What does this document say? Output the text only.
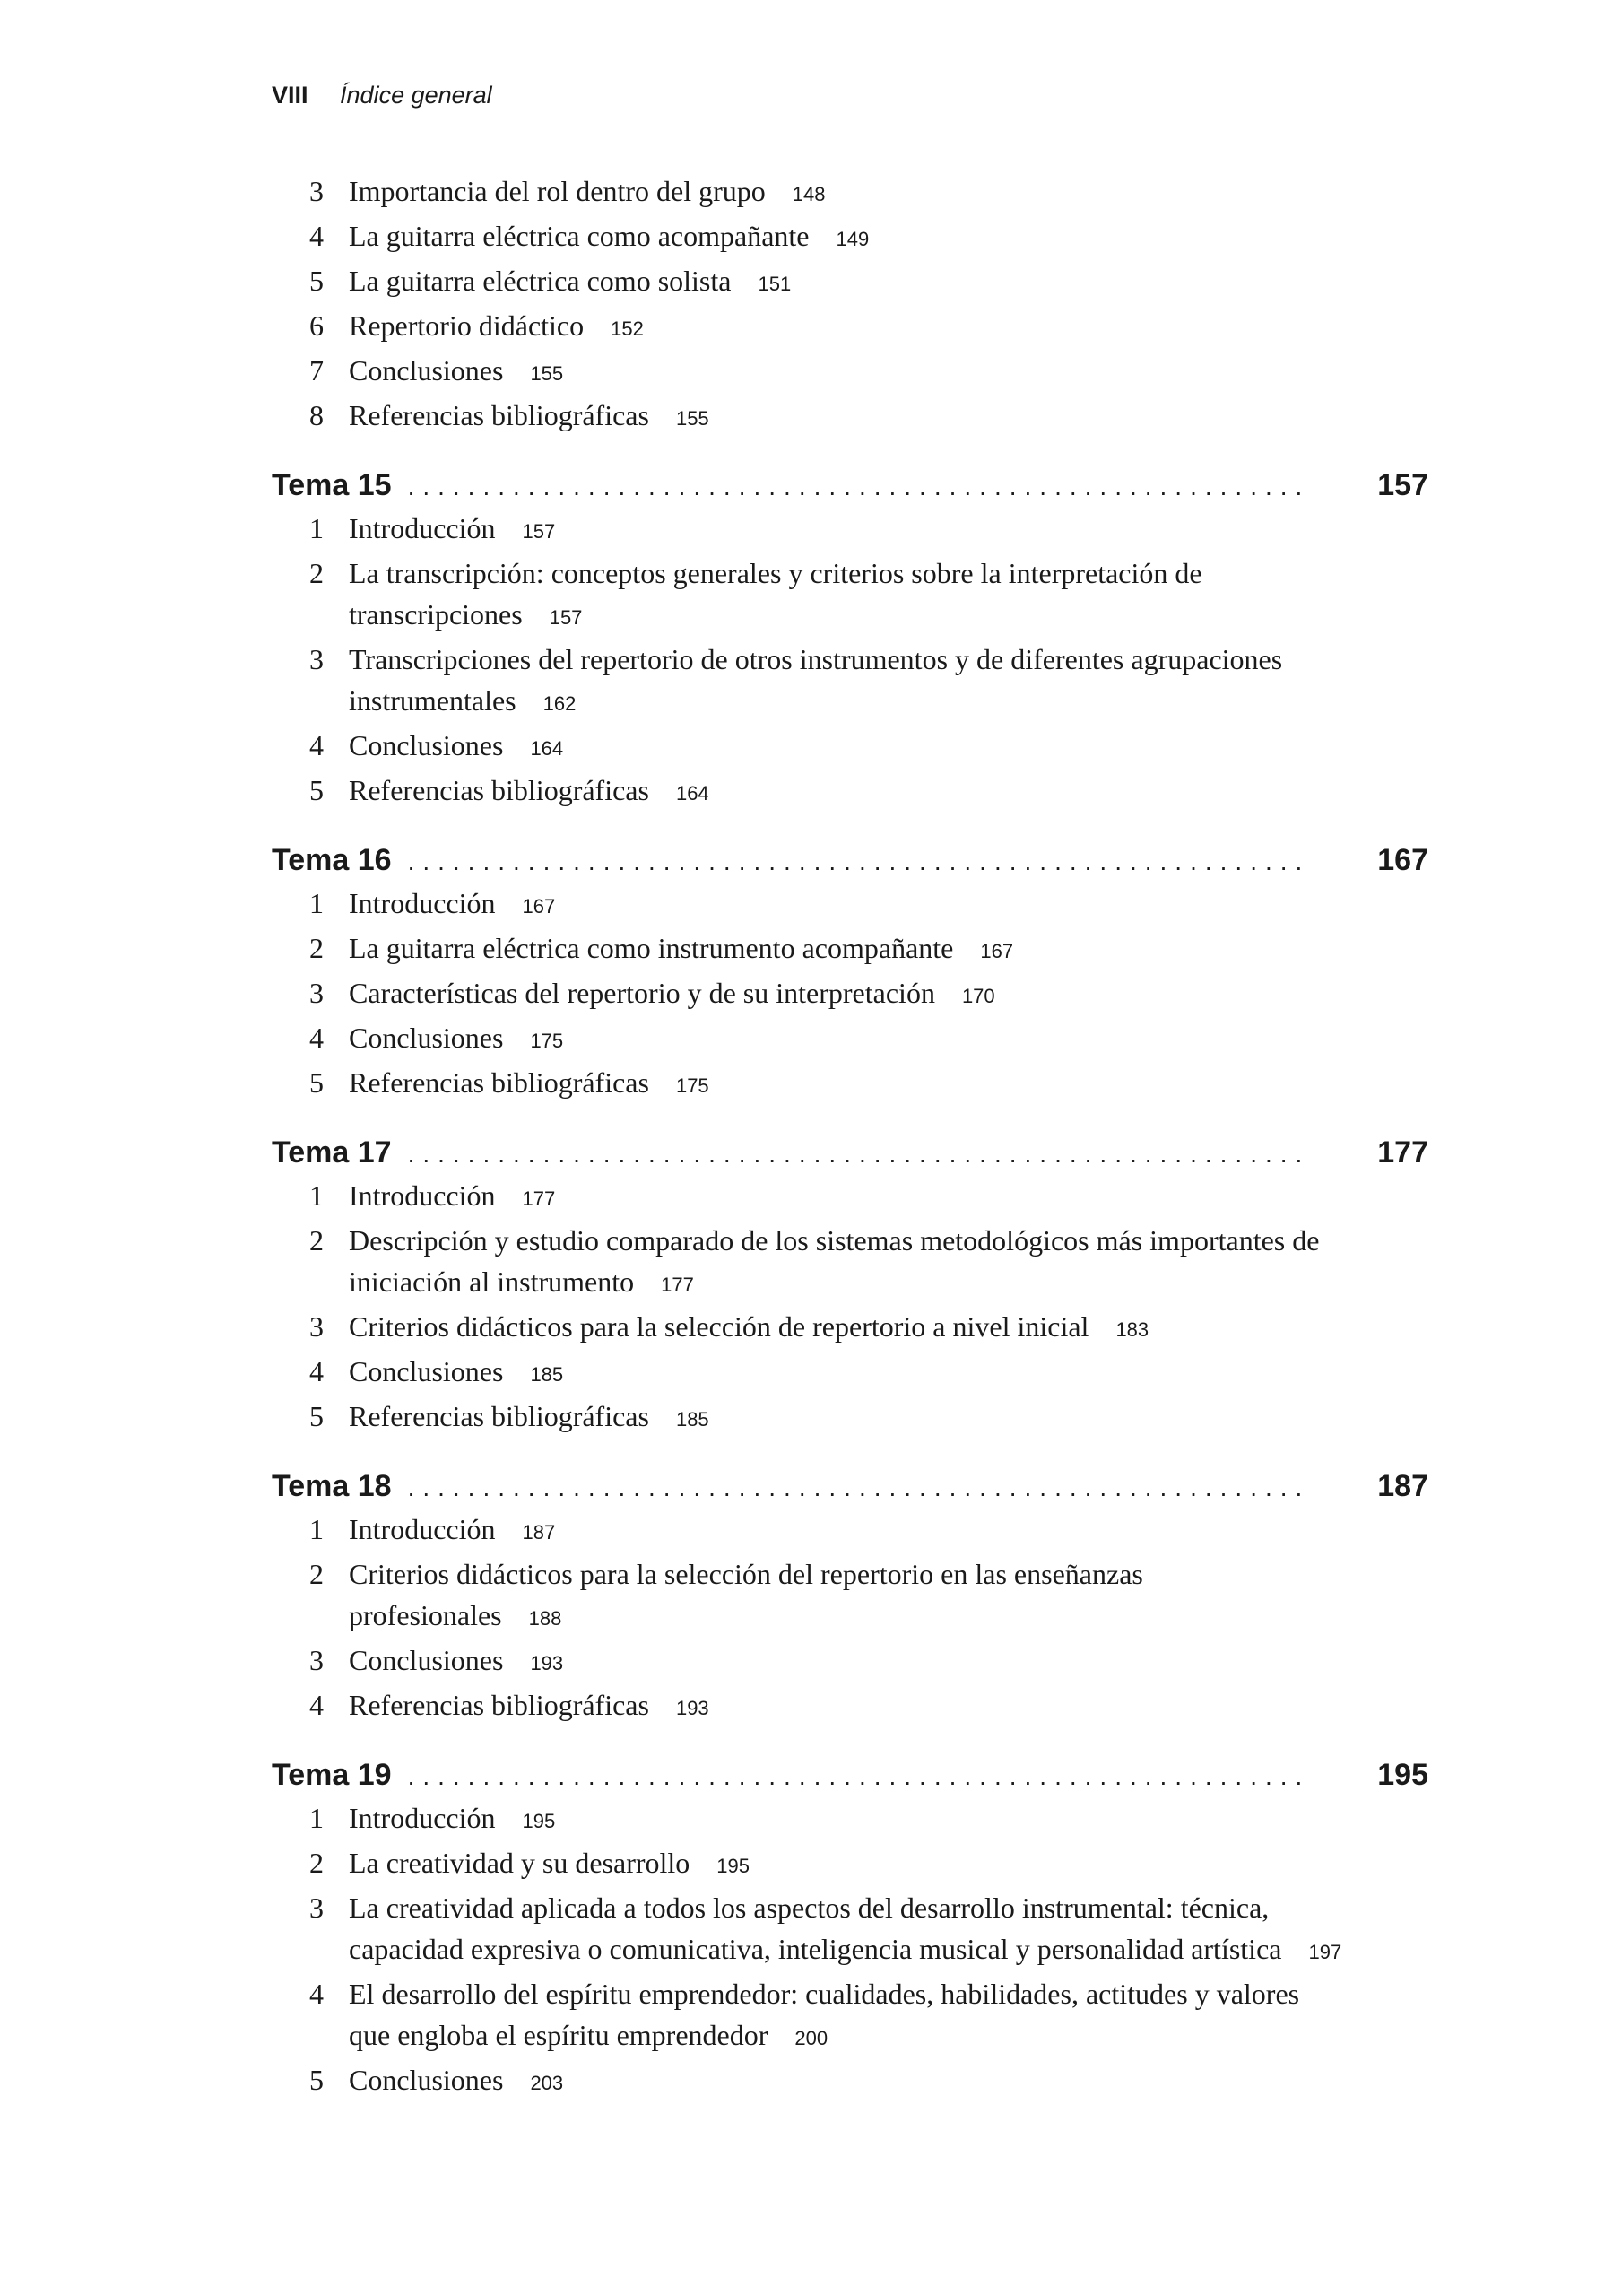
VIII Índice general
3 Importancia del rol dentro del grupo 148
4 La guitarra eléctrica como acompañante 149
5 La guitarra eléctrica como solista 151
6 Repertorio didáctico 152
7 Conclusiones 155
8 Referencias bibliográficas 155
Tema 15 ............................................................	157
1 Introducción 157
2 La transcripción: conceptos generales y criterios sobre la interpretación de
transcripciones 157
3 Transcripciones del repertorio de otros instrumentos y de diferentes agrupaciones
instrumentales 162
4 Conclusiones 164
5 Referencias bibliográficas 164
Tema 16 ............................................................	167
1 Introducción 167
2 La guitarra eléctrica como instrumento acompañante 167
3 Características del repertorio y de su interpretación 170
4 Conclusiones 175
5 Referencias bibliográficas 175
Tema 17 ............................................................	177
1 Introducción 177
2 Descripción y estudio comparado de los sistemas metodológicos más importantes de
iniciación al instrumento 177
3 Criterios didácticos para la selección de repertorio a nivel inicial 183
4 Conclusiones 185
5 Referencias bibliográficas 185
Tema 18 ............................................................	187
1 Introducción 187
2 Criterios didácticos para la selección del repertorio en las enseñanzas
profesionales 188
3 Conclusiones 193
4 Referencias bibliográficas 193
Tema 19 ............................................................	195
1 Introducción 195
2 La creatividad y su desarrollo 195
3 La creatividad aplicada a todos los aspectos del desarrollo instrumental: técnica,
capacidad expresiva o comunicativa, inteligencia musical y personalidad artística 197
4 El desarrollo del espíritu emprendedor: cualidades, habilidades, actitudes y valores
que engloba el espíritu emprendedor 200
5 Conclusiones 203
